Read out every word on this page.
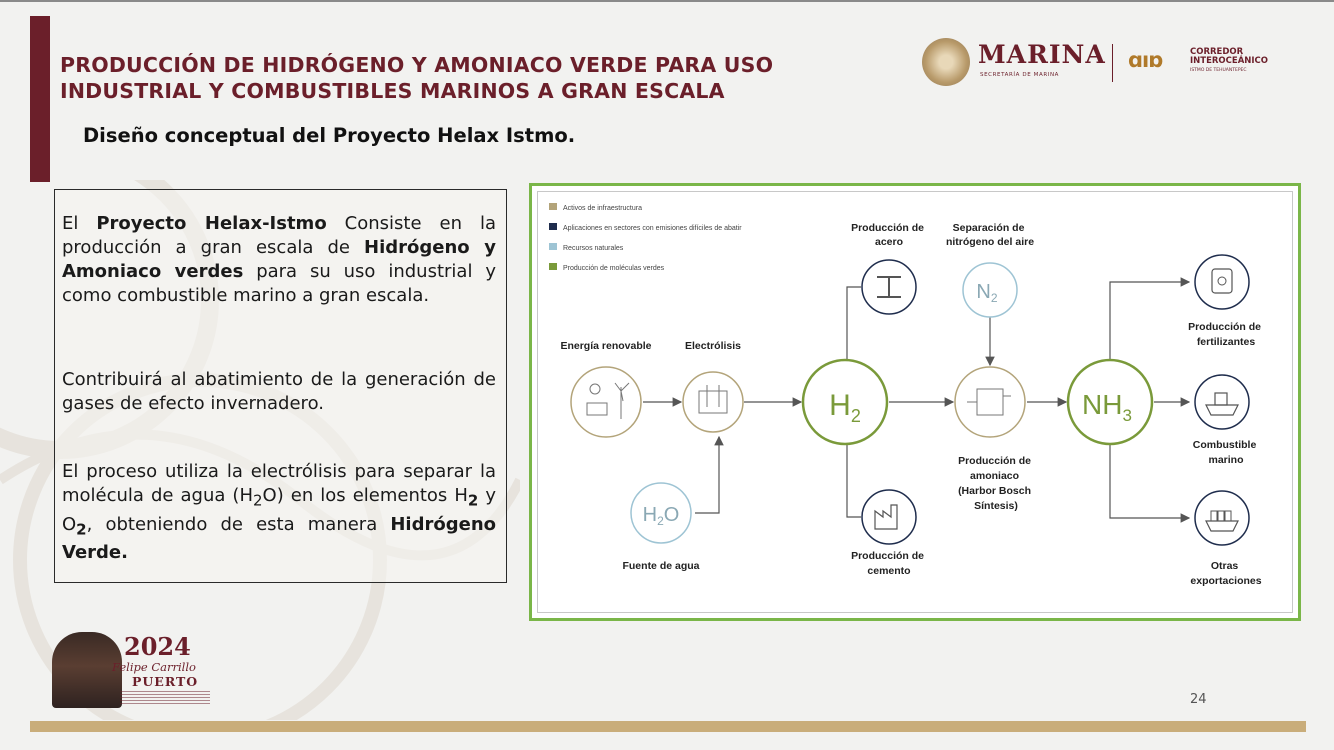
PRODUCCIÓN DE HIDRÓGENO Y AMONIACO VERDE PARA USO
INDUSTRIAL Y COMBUSTIBLES MARINOS A GRAN ESCALA
Diseño conceptual del Proyecto Helax Istmo.
MARINA
SECRETARÍA DE MARINA
ɑıɒ	CORREDOR
INTEROCEÁNICO
ISTMO DE TEHUANTEPEC
El Proyecto Helax-Istmo Consiste en la producción a gran escala de Hidrógeno y Amoniaco verdes para su uso industrial y como combustible marino a gran escala.
Contribuirá al abatimiento de la generación de gases de efecto invernadero.
El proceso utiliza la electrólisis para separar la molécula de agua $(H_2O)$ en los elementos $H_2$ y $O_2$, obteniendo de esta manera Hidrógeno Verde.
Activos de infraestructura
Aplicaciones en sectores con emisiones difíciles de abatir
Recursos naturales
Producción de moléculas verdes
Energía renovable	Electrólisis
$H_2O$
Fuente de agua
$H_2$
Producción de acero
Producción de cemento
Separación de nitrógeno del aire
$N_2$
Producción de amoniaco (Harbor Bosch Síntesis)
$NH_3$
Producción de fertilizantes
Combustible marino
Otras exportaciones
2024
Felipe Carrillo
PUERTO
24
